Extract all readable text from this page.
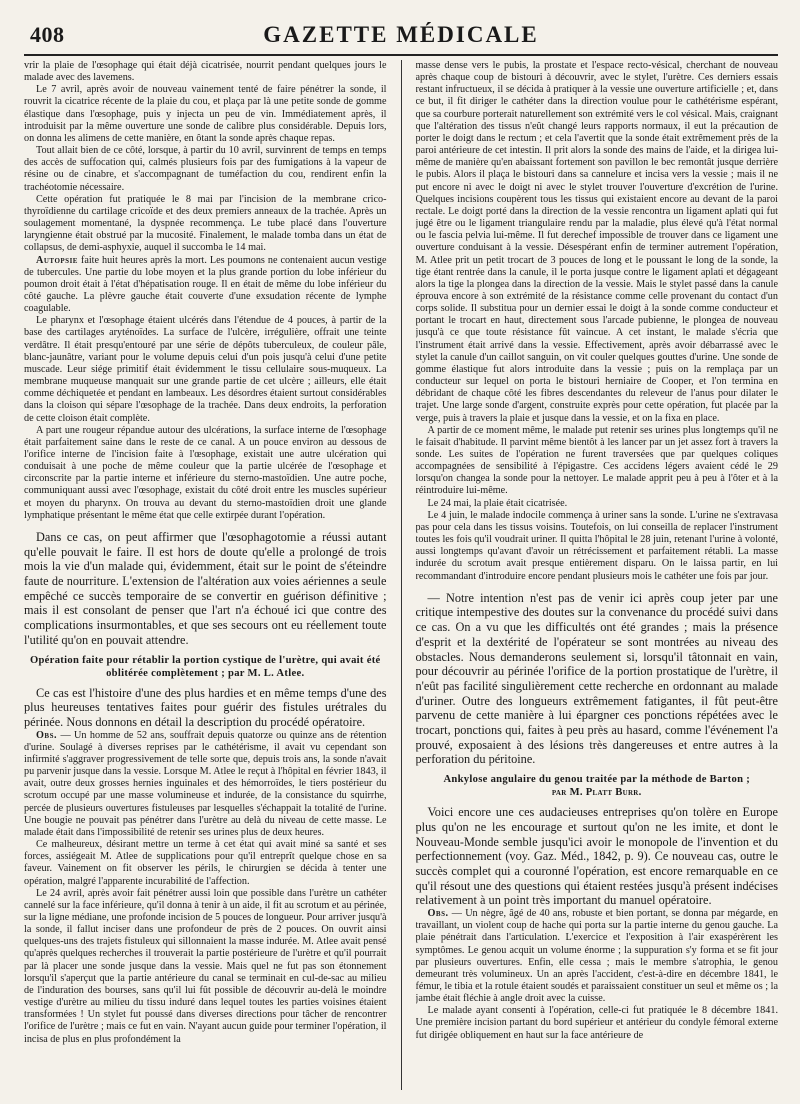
408	GAZETTE MÉDICALE

vrir la plaie de l'œsophage qui était déjà cicatrisée, nourrit pendant quelques jours le malade avec des lavemens.

Le 7 avril, après avoir de nouveau vainement tenté de faire pénétrer la sonde, il rouvrit la cicatrice récente de la plaie du cou, et plaça par là une petite sonde de gomme élastique dans l'œsophage, puis y injecta un peu de vin. Immédiatement après, il introduisit par la même ouverture une sonde de calibre plus considérable. Depuis lors, on donna les alimens de cette manière, en ôtant la sonde après chaque repas.

Tout allait bien de ce côté, lorsque, à partir du 10 avril, survinrent de temps en temps des accès de suffocation qui, calmés plusieurs fois par des fumigations à la vapeur de résine ou de cinabre, et s'accompagnant de tuméfaction du cou, rendirent enfin la trachéotomie nécessaire.

Cette opération fut pratiquée le 8 mai par l'incision de la membrane crico-thyroïdienne du cartilage cricoïde et des deux premiers anneaux de la trachée. Après un soulagement momentané, la dyspnée recommença. Le tube placé dans l'ouverture laryngienne était obstrué par la mucosité. Finalement, le malade tomba dans un état de collapsus, de demi-asphyxie, auquel il succomba le 14 mai.

Autopsie faite huit heures après la mort. Les poumons ne contenaient aucun vestige de tubercules. Une partie du lobe moyen et la plus grande portion du lobe inférieur du poumon droit était à l'état d'hépatisation rouge. Il en était de même du lobe inférieur du côté gauche. La plèvre gauche était couverte d'une exsudation récente de lymphe coagulable.

Le pharynx et l'œsophage étaient ulcérés dans l'étendue de 4 pouces, à partir de la base des cartilages aryténoïdes. La surface de l'ulcère, irrégulière, offrait une teinte verdâtre. Il était presqu'entouré par une série de dépôts tuberculeux, de couleur pâle, blanc-jaunâtre, variant pour le volume depuis celui d'un pois jusqu'à celui d'une petite muscade. Leur siége primitif était évidemment le tissu cellulaire sous-muqueux. La membrane muqueuse manquait sur une grande partie de cet ulcère ; ailleurs, elle était comme déchiquetée et pendant en lambeaux. Les désordres étaient surtout considérables dans la cloison qui sépare l'œsophage de la trachée. Dans deux endroits, la perforation de cette cloison était complète.

A part une rougeur répandue autour des ulcérations, la surface interne de l'œsophage était parfaitement saine dans le reste de ce canal. A un pouce environ au dessous de l'orifice interne de l'incision faite à l'œsophage, existait une autre ulcération qui conduisait à une poche de même couleur que la partie ulcérée de l'œsophage et circonscrite par la partie interne et inférieure du sterno-mastoïdien. Une autre poche, communiquant aussi avec l'œsophage, existait du côté droit entre les muscles supérieur et moyen du pharynx. On trouva au devant du sterno-mastoïdien droit une glande lymphatique présentant le même état que celle extirpée durant l'opération.

Dans ce cas, on peut affirmer que l'œsophagotomie a réussi autant qu'elle pouvait le faire. Il est hors de doute qu'elle a prolongé de trois mois la vie d'un malade qui, évidemment, était sur le point de s'éteindre faute de nourriture. L'extension de l'altération aux voies aériennes a seule empêché ce succès temporaire de se convertir en guérison définitive ; mais il est consolant de penser que l'art n'a échoué ici que contre des complications insurmontables, et que ses secours ont eu réellement toute l'utilité qu'on en pouvait attendre.

Opération faite pour rétablir la portion cystique de l'urètre, qui avait été oblitérée complètement ; par M. L. Atlee.

Ce cas est l'histoire d'une des plus hardies et en même temps d'une des plus heureuses tentatives faites pour guérir des fistules urétrales du périnée. Nous donnons en détail la description du procédé opératoire.

Obs. — Un homme de 52 ans, souffrait depuis quatorze ou quinze ans de rétention d'urine. Soulagé à diverses reprises par le cathétérisme, il avait vu cependant son infirmité s'aggraver progressivement de telle sorte que, depuis trois ans, la sonde n'avait pu parvenir jusque dans la vessie. Lorsque M. Atlee le reçut à l'hôpital en février 1843, il avait, outre deux grosses hernies inguinales et des hémorroïdes, le tiers postérieur du scrotum occupé par une masse volumineuse et indurée, de la consistance du squirrhe, percée de plusieurs ouvertures fistuleuses par lesquelles s'échappait la totalité de l'urine. Une bougie ne pouvait pas pénétrer dans l'urètre au delà du niveau de cette masse. Le malade était dans l'impossibilité de retenir ses urines plus de deux heures.

Ce malheureux, désirant mettre un terme à cet état qui avait miné sa santé et ses forces, assiégeait M. Atlee de supplications pour qu'il entreprît quelque chose en sa faveur. Vainement on fit observer les périls, le chirurgien se décida à tenter une opération, malgré l'apparente incurabilité de l'affection.

Le 24 avril, après avoir fait pénétrer aussi loin que possible dans l'urètre un cathéter cannelé sur la face inférieure, qu'il donna à tenir à un aide, il fit au scrotum et au périnée, sur la ligne médiane, une profonde incision de 5 pouces de longueur. Pour arriver jusqu'à la sonde, il fallut inciser dans une profondeur de près de 2 pouces. On ouvrit ainsi quelques-uns des trajets fistuleux qui sillonnaient la masse indurée. M. Atlee avait pensé qu'après quelques recherches il trouverait la partie postérieure de l'urètre et qu'il pourrait par là placer une sonde jusque dans la vessie. Mais quel ne fut pas son étonnement lorsqu'il s'aperçut que la partie antérieure du canal se terminait en cul-de-sac au milieu de l'induration des bourses, sans qu'il lui fût possible de découvrir au-delà le moindre vestige d'urètre au milieu du tissu induré dans lequel toutes les parties voisines étaient transformées ! Un stylet fut poussé dans diverses directions pour tâcher de rencontrer l'orifice de l'urètre ; mais ce fut en vain. N'ayant aucun guide pour terminer l'opération, il incisa de plus en plus profondément la

masse dense vers le pubis, la prostate et l'espace recto-vésical, cherchant de nouveau après chaque coup de bistouri à découvrir, avec le stylet, l'urètre. Ces derniers essais restant infructueux, il se décida à pratiquer à la vessie une ouverture artificielle ; et, dans ce but, il fit diriger le cathéter dans la direction voulue pour le cathétérisme espérant, que sa courbure porterait naturellement son extrémité vers le col vésical. Mais, craignant que l'altération des tissus n'eût changé leurs rapports normaux, il eut la précaution de porter le doigt dans le rectum ; et cela l'avertit que la sonde était extrêmement près de la paroi antérieure de cet intestin. Il prit alors la sonde des mains de l'aide, et la dirigea lui-même de manière qu'en abaissant fortement son pavillon le bec remontât jusque derrière le pubis. Alors il plaça le bistouri dans sa cannelure et incisa vers la vessie ; mais il ne put encore ni avec le doigt ni avec le stylet trouver l'ouverture d'excrétion de l'urine. Quelques incisions coupèrent tous les tissus qui existaient encore au devant de la paroi rectale. Le doigt porté dans la direction de la vessie rencontra un ligament aplati qui fut jugé être ou le ligament triangulaire rendu par la maladie, plus élevé qu'à l'état normal ou le fascia pelvia lui-même. Il fut derechef impossible de trouver dans ce ligament une ouverture conduisant à la vessie. Désespérant enfin de terminer autrement l'opération, M. Atlee prit un petit trocart de 3 pouces de long et le poussant le long de la sonde, la tige étant rentrée dans la canule, il le porta jusque contre le ligament aplati et dégageant alors la tige la plongea dans la direction de la vessie. Mais le stylet passé dans la canule éprouva encore à son extrémité de la résistance comme celle provenant du contact d'un corps solide. Il substitua pour un dernier essai le doigt à la sonde comme conducteur et portant le trocart en haut, directement sous l'arcade pubienne, le plongea de nouveau jusqu'à ce que toute résistance fût vaincue. A cet instant, le malade s'écria que l'instrument était arrivé dans la vessie. Effectivement, après avoir débarrassé avec le stylet la canule d'un caillot sanguin, on vit couler quelques gouttes d'urine. Une sonde de gomme élastique fut alors introduite dans la vessie ; puis on la remplaça par un conducteur sur lequel on porta le bistouri herniaire de Cooper, et l'on termina en débridant de chaque côté les fibres descendantes du releveur de l'anus pour dilater le trajet. Une large sonde d'argent, construite exprès pour cette opération, fut placée par la verge, puis à travers la plaie et jusque dans la vessie, et on la fixa en place.

A partir de ce moment même, le malade put retenir ses urines plus longtemps qu'il ne le faisait d'habitude. Il parvint même bientôt à les lancer par un jet assez fort à travers la sonde. Les suites de l'opération ne furent traversées que par quelques coliques accompagnées de sensibilité à l'épigastre. Ces accidens légers avaient cédé le 29 lorsqu'on changea la sonde pour la nettoyer. Le malade apprit peu à peu à l'ôter et à la réintroduire lui-même.

Le 24 mai, la plaie était cicatrisée.

Le 4 juin, le malade indocile commença à uriner sans la sonde. L'urine ne s'extravasa pas pour cela dans les tissus voisins. Toutefois, on lui conseilla de replacer l'instrument toutes les fois qu'il voudrait uriner. Il quitta l'hôpital le 28 juin, retenant l'urine à volonté, aussi longtemps qu'avant d'avoir un rétrécissement et parfaitement rétabli. La masse indurée du scrotum avait presque entièrement disparu. On le laissa partir, en lui recommandant d'introduire encore pendant plusieurs mois le cathéter une fois par jour.

— Notre intention n'est pas de venir ici après coup jeter par une critique intempestive des doutes sur la convenance du procédé suivi dans ce cas. On a vu que les difficultés ont été grandes ; mais la présence d'esprit et la dextérité de l'opérateur se sont montrées au niveau des obstacles. Nous demanderons seulement si, lorsqu'il tâtonnait en vain, pour découvrir au périnée l'orifice de la portion prostatique de l'urètre, il n'eût pas facilité singulièrement cette recherche en ordonnant au malade d'uriner. Outre des longueurs extrêmement fatigantes, il fût peut-être parvenu de cette manière à lui épargner ces ponctions répétées avec le trocart, ponctions qui, faites à peu près au hasard, comme l'événement l'a prouvé, exposaient à des lésions très dangereuses et entre autres à la perforation du péritoine.

Ankylose angulaire du genou traitée par la méthode de Barton ;
par M. Platt Burr.

Voici encore une ces audacieuses entreprises qu'on tolère en Europe plus qu'on ne les encourage et surtout qu'on ne les imite, et dont le Nouveau-Monde semble jusqu'ici avoir le monopole de l'invention et du perfectionnement (voy. Gaz. Méd., 1842, p. 9). Ce nouveau cas, outre le succès complet qui a couronné l'opération, est encore remarquable en ce qu'il résout une des questions qui étaient restées jusqu'à présent indécises relativement à un point très important du manuel opératoire.

Obs. — Un nègre, âgé de 40 ans, robuste et bien portant, se donna par mégarde, en travaillant, un violent coup de hache qui porta sur la partie interne du genou gauche. La plaie pénétrait dans l'articulation. L'exercice et l'exposition à l'air exaspérèrent les symptômes. Le genou acquit un volume énorme ; la suppuration s'y forma et se fit jour par plusieurs ouvertures. Enfin, elle cessa ; mais le membre s'atrophia, le genou demeurant très volumineux. Un an après l'accident, c'est-à-dire en décembre 1841, le fémur, le tibia et la rotule étaient soudés et paraissaient constituer un seul et même os ; la jambe était fléchie à angle droit avec la cuisse.

Le malade ayant consenti à l'opération, celle-ci fut pratiquée le 8 décembre 1841. Une première incision partant du bord supérieur et antérieur du condyle fémoral externe fut dirigée obliquement en haut sur la face antérieure de
